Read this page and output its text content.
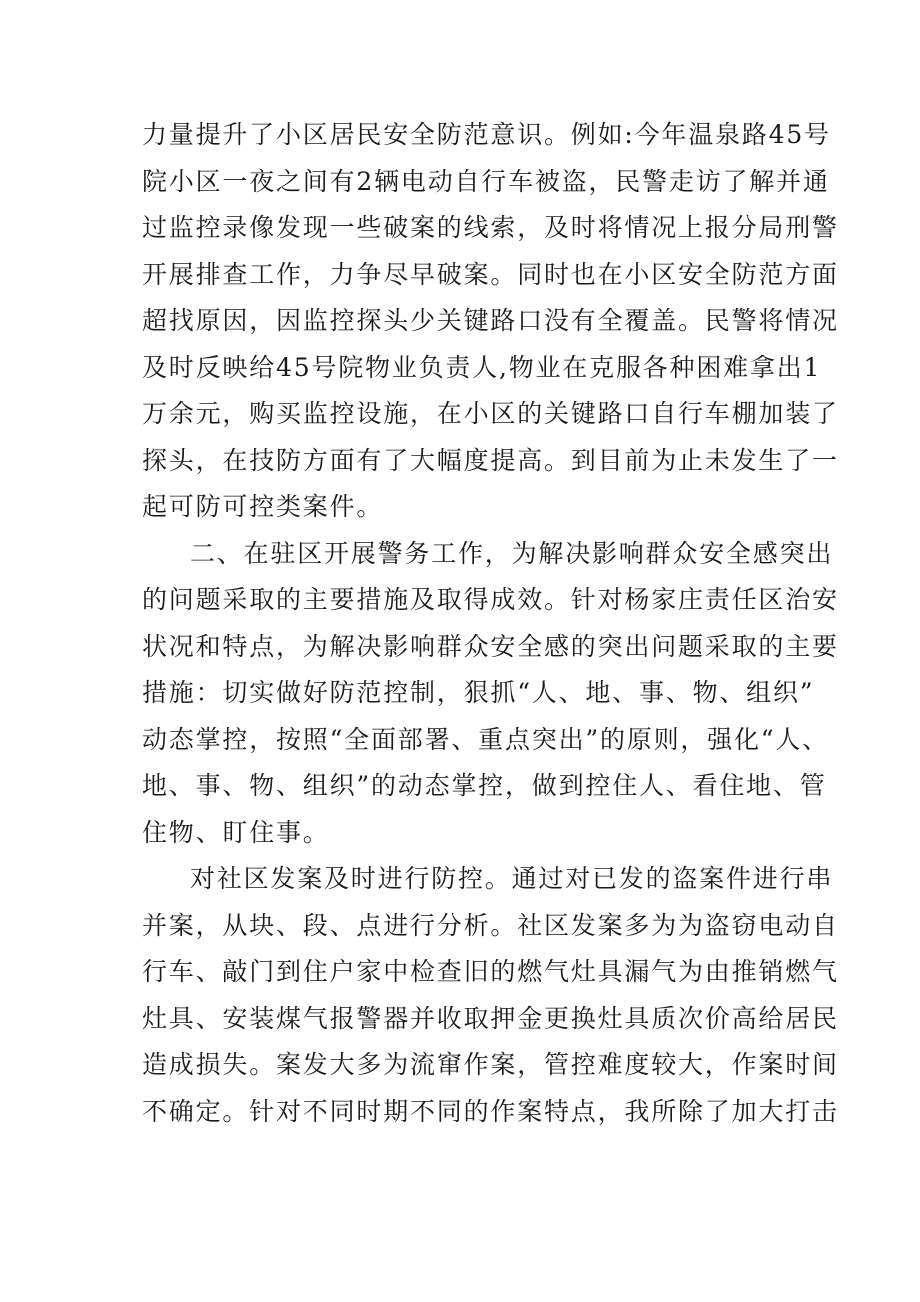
力量提升了小区居民安全防范意识。例如:今年温泉路45号
院小区一夜之间有2辆电动自行车被盗，民警走访了解并通
过监控录像发现一些破案的线索，及时将情况上报分局刑警
开展排查工作，力争尽早破案。同时也在小区安全防范方面
超找原因，因监控探头少关键路口没有全覆盖。民警将情况
及时反映给45号院物业负责人,物业在克服各种困难拿出1
万余元，购买监控设施，在小区的关键路口自行车棚加装了
探头，在技防方面有了大幅度提高。到目前为止未发生了一
起可防可控类案件。
二、在驻区开展警务工作，为解决影响群众安全感突出
的问题采取的主要措施及取得成效。针对杨家庄责任区治安
状况和特点，为解决影响群众安全感的突出问题采取的主要
措施：切实做好防范控制，狠抓“人、地、事、物、组织”
动态掌控，按照“全面部署、重点突出”的原则，强化“人、
地、事、物、组织”的动态掌控，做到控住人、看住地、管
住物、盯住事。
对社区发案及时进行防控。通过对已发的盗案件进行串
并案，从块、段、点进行分析。社区发案多为为盗窃电动自
行车、敲门到住户家中检查旧的燃气灶具漏气为由推销燃气
灶具、安装煤气报警器并收取押金更换灶具质次价高给居民
造成损失。案发大多为流窜作案，管控难度较大，作案时间
不确定。针对不同时期不同的作案特点，我所除了加大打击
